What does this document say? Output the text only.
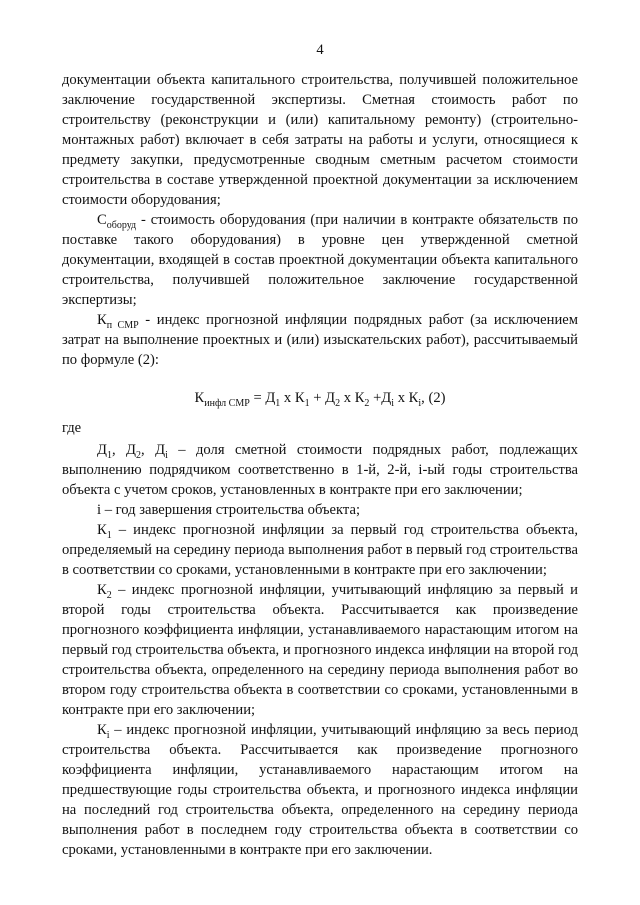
4

документации объекта капитального строительства, получившей положительное заключение государственной экспертизы. Сметная стоимость работ по строительству (реконструкции и (или) капитальному ремонту) (строительно-монтажных работ) включает в себя затраты на работы и услуги, относящиеся к предмету закупки, предусмотренные сводным сметным расчетом стоимости строительства в составе утвержденной проектной документации за исключением стоимости оборудования;

$С_{оборуд}$ - стоимость оборудования (при наличии в контракте обязательств по поставке такого оборудования) в уровне цен утвержденной сметной документации, входящей в состав проектной документации объекта капитального строительства, получившей положительное заключение государственной экспертизы;

$К_{п СМР}$ - индекс прогнозной инфляции подрядных работ (за исключением затрат на выполнение проектных и (или) изыскательских работ), рассчитываемый по формуле (2):

$К_{инфл СМР} = Д_1$ х $К_1 + Д_2$ х $К_2 +Д_i$ х $К_i$, (2)

где

$Д_1$, $Д_2$, $Д_i$ – доля сметной стоимости подрядных работ, подлежащих выполнению подрядчиком соответственно в 1-й, 2-й, i-ый годы строительства объекта с учетом сроков, установленных в контракте при его заключении;

i – год завершения строительства объекта;

$К_1$ – индекс прогнозной инфляции за первый год строительства объекта, определяемый на середину периода выполнения работ в первый год строительства в соответствии со сроками, установленными в контракте при его заключении;

$К_2$ – индекс прогнозной инфляции, учитывающий инфляцию за первый и второй годы строительства объекта. Рассчитывается как произведение прогнозного коэффициента инфляции, устанавливаемого нарастающим итогом на первый год строительства объекта, и прогнозного индекса инфляции на второй год строительства объекта, определенного на середину периода выполнения работ во втором году строительства объекта в соответствии со сроками, установленными в контракте при его заключении;

$К_i$ – индекс прогнозной инфляции, учитывающий инфляцию за весь период строительства объекта. Рассчитывается как произведение прогнозного коэффициента инфляции, устанавливаемого нарастающим итогом на предшествующие годы строительства объекта, и прогнозного индекса инфляции на последний год строительства объекта, определенного на середину периода выполнения работ в последнем году строительства объекта в соответствии со сроками, установленными в контракте при его заключении.
